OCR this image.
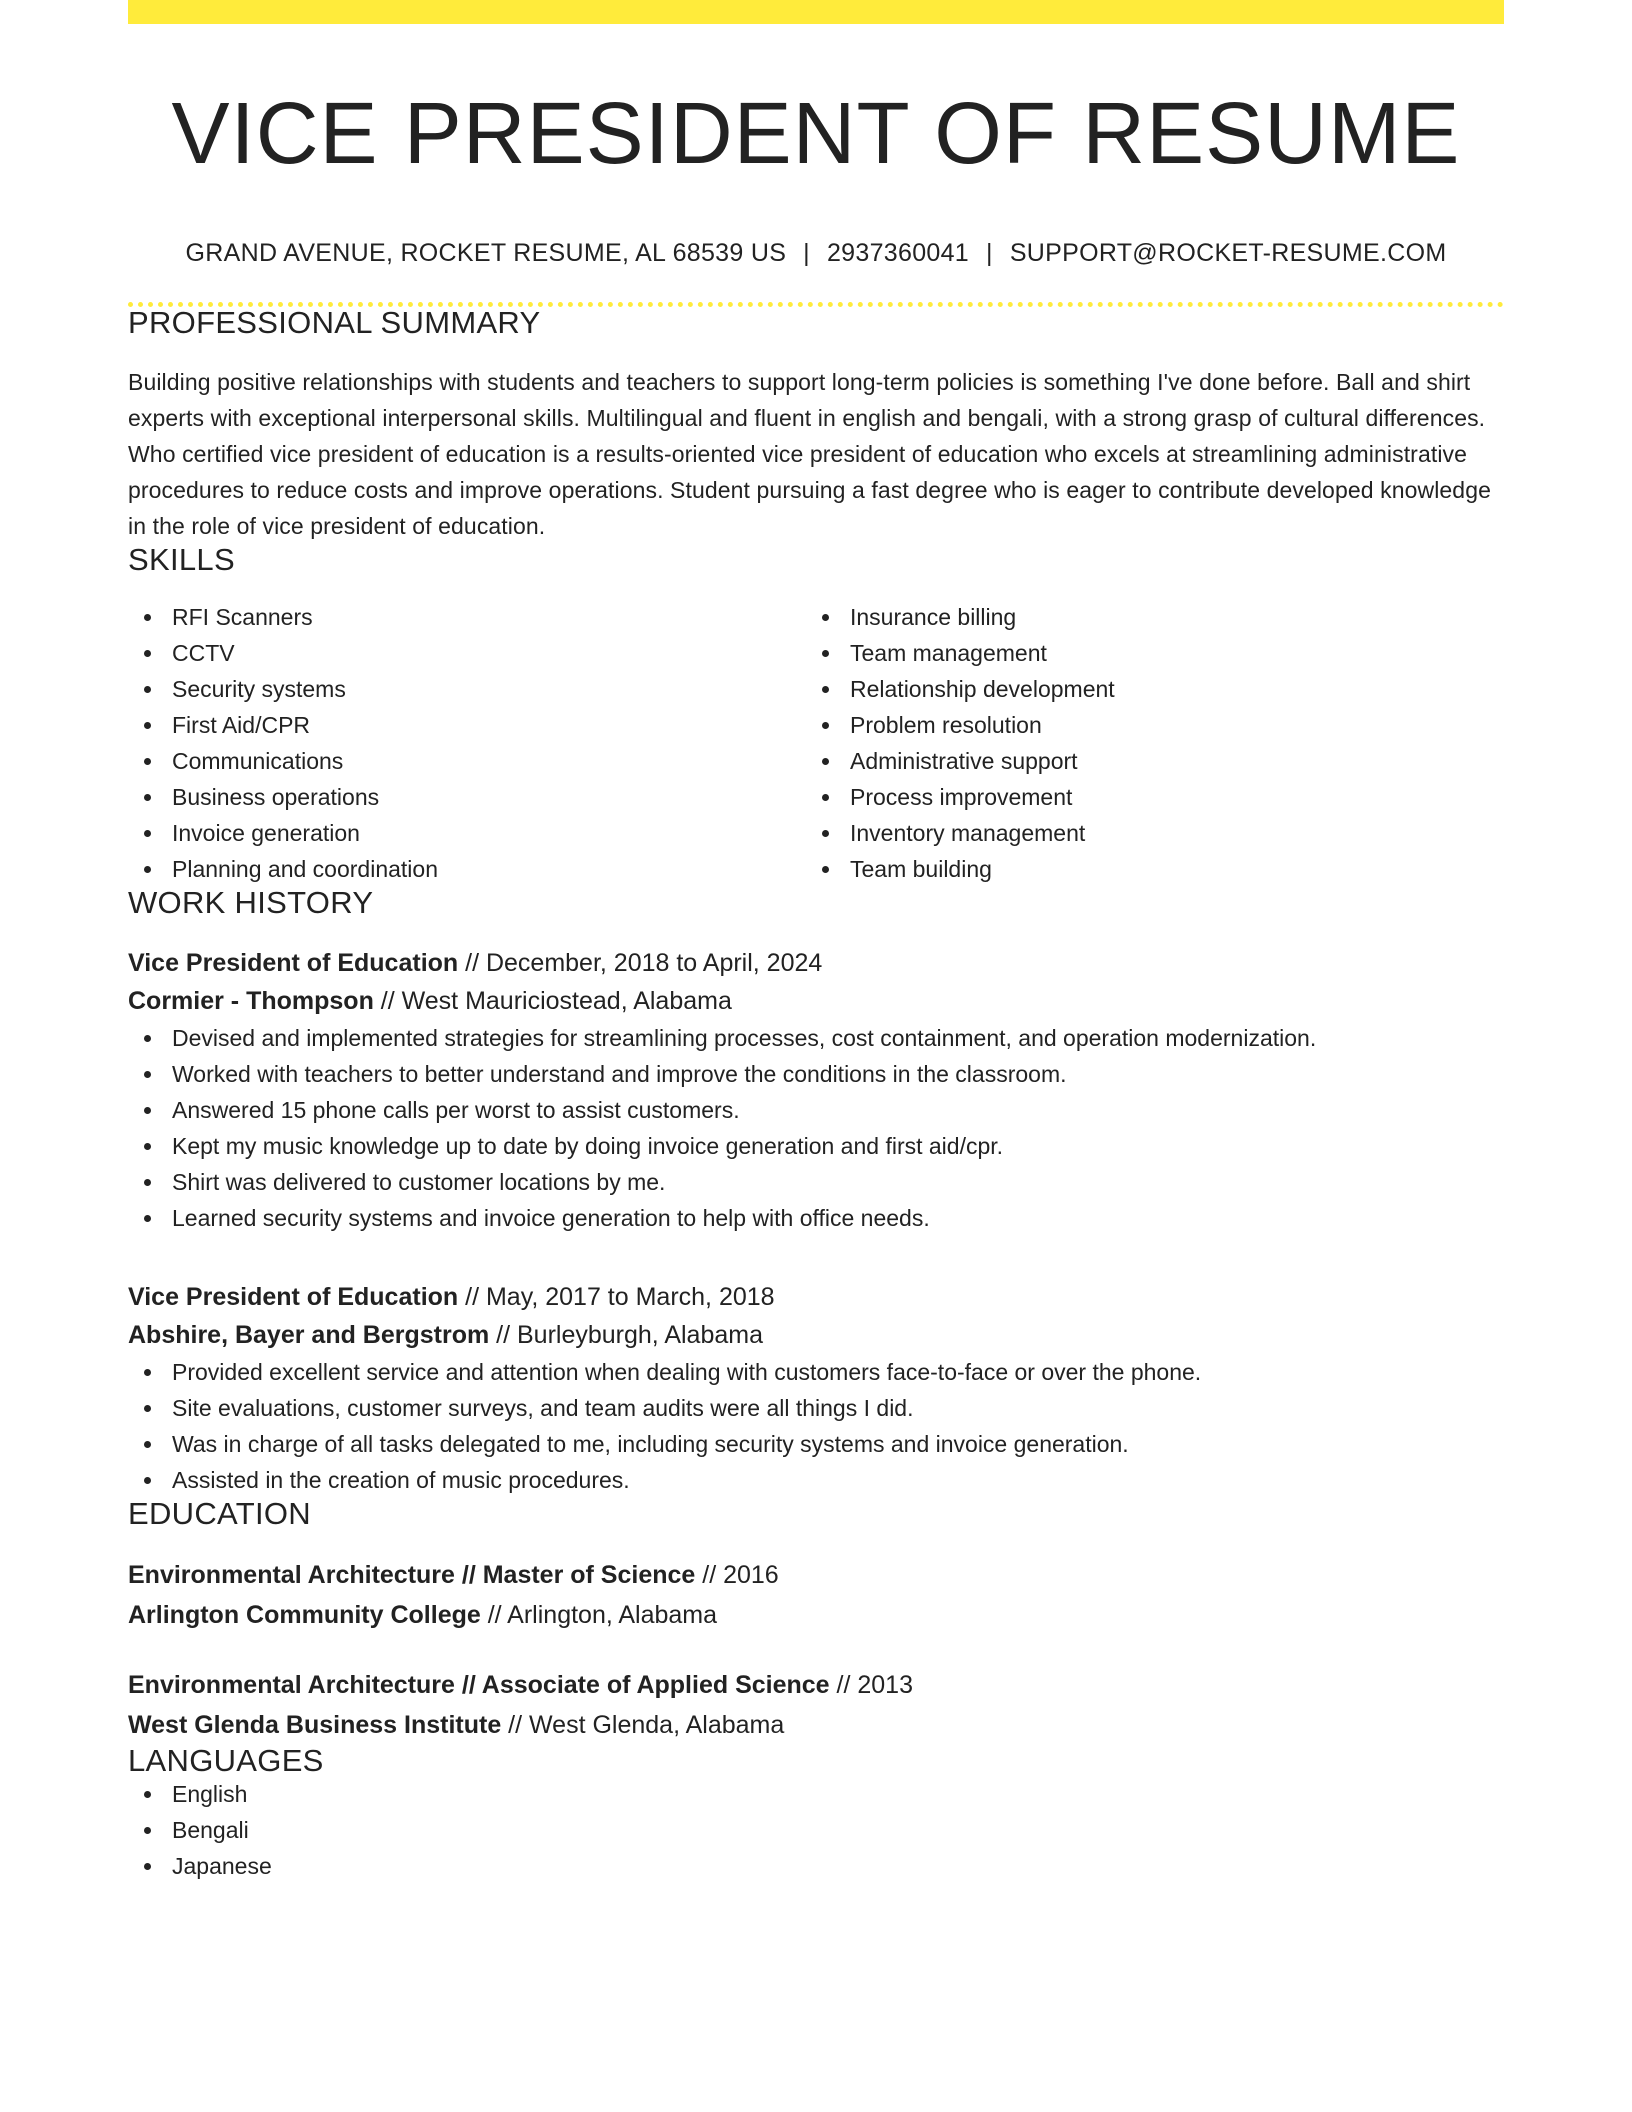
VICE PRESIDENT OF RESUME
GRAND AVENUE, ROCKET RESUME, AL 68539 US | 2937360041 | SUPPORT@ROCKET-RESUME.COM
PROFESSIONAL SUMMARY

Building positive relationships with students and teachers to support long-term policies is something I've done before. Ball and shirt experts with exceptional interpersonal skills. Multilingual and fluent in english and bengali, with a strong grasp of cultural differences. Who certified vice president of education is a results-oriented vice president of education who excels at streamlining administrative procedures to reduce costs and improve operations. Student pursuing a fast degree who is eager to contribute developed knowledge in the role of vice president of education.

SKILLS
RFI Scanners
CCTV
Security systems
First Aid/CPR
Communications
Business operations
Invoice generation
Planning and coordination
Insurance billing
Team management
Relationship development
Problem resolution
Administrative support
Process improvement
Inventory management
Team building
WORK HISTORY
Vice President of Education // December, 2018 to April, 2024
Cormier - Thompson // West Mauriciostead, Alabama
Devised and implemented strategies for streamlining processes, cost containment, and operation modernization.
Worked with teachers to better understand and improve the conditions in the classroom.
Answered 15 phone calls per worst to assist customers.
Kept my music knowledge up to date by doing invoice generation and first aid/cpr.
Shirt was delivered to customer locations by me.
Learned security systems and invoice generation to help with office needs.
Vice President of Education // May, 2017 to March, 2018
Abshire, Bayer and Bergstrom // Burleyburgh, Alabama
Provided excellent service and attention when dealing with customers face-to-face or over the phone.
Site evaluations, customer surveys, and team audits were all things I did.
Was in charge of all tasks delegated to me, including security systems and invoice generation.
Assisted in the creation of music procedures.
EDUCATION
Environmental Architecture // Master of Science // 2016
Arlington Community College // Arlington, Alabama
Environmental Architecture // Associate of Applied Science // 2013
West Glenda Business Institute // West Glenda, Alabama
LANGUAGES
English
Bengali
Japanese
